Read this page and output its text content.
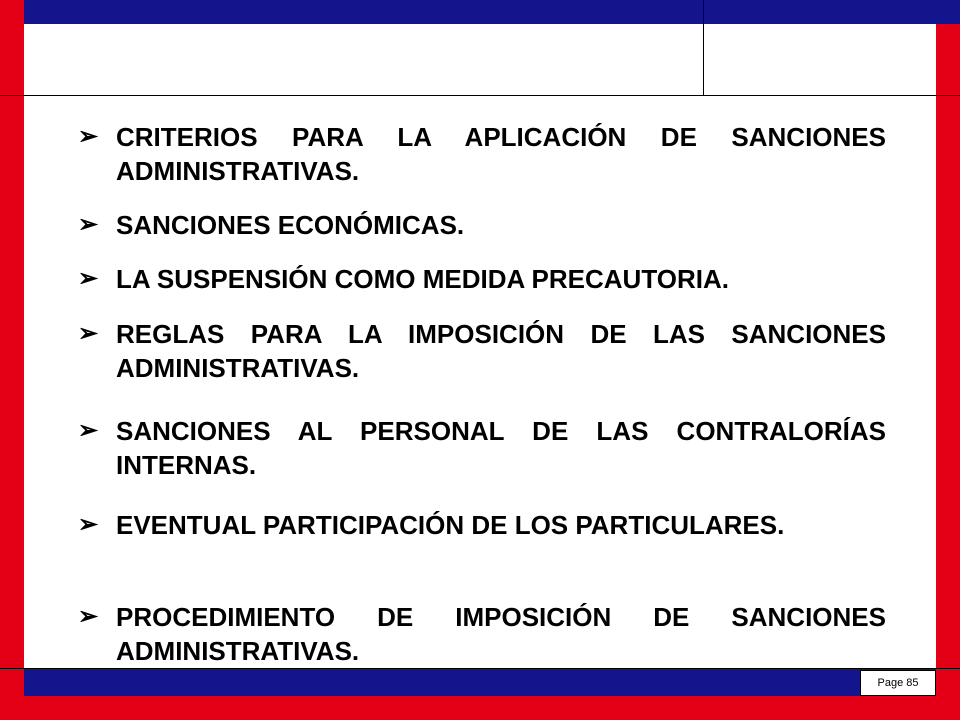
➢ CRITERIOS PARA LA APLICACIÓN DE SANCIONES ADMINISTRATIVAS.
➢ SANCIONES ECONÓMICAS.
➢ LA SUSPENSIÓN COMO MEDIDA PRECAUTORIA.
➢ REGLAS PARA LA IMPOSICIÓN DE LAS SANCIONES ADMINISTRATIVAS.
➢ SANCIONES AL PERSONAL DE LAS CONTRALORÍAS INTERNAS.
➢ EVENTUAL PARTICIPACIÓN DE LOS PARTICULARES.
➢ PROCEDIMIENTO DE IMPOSICIÓN DE SANCIONES ADMINISTRATIVAS.
Page 85
